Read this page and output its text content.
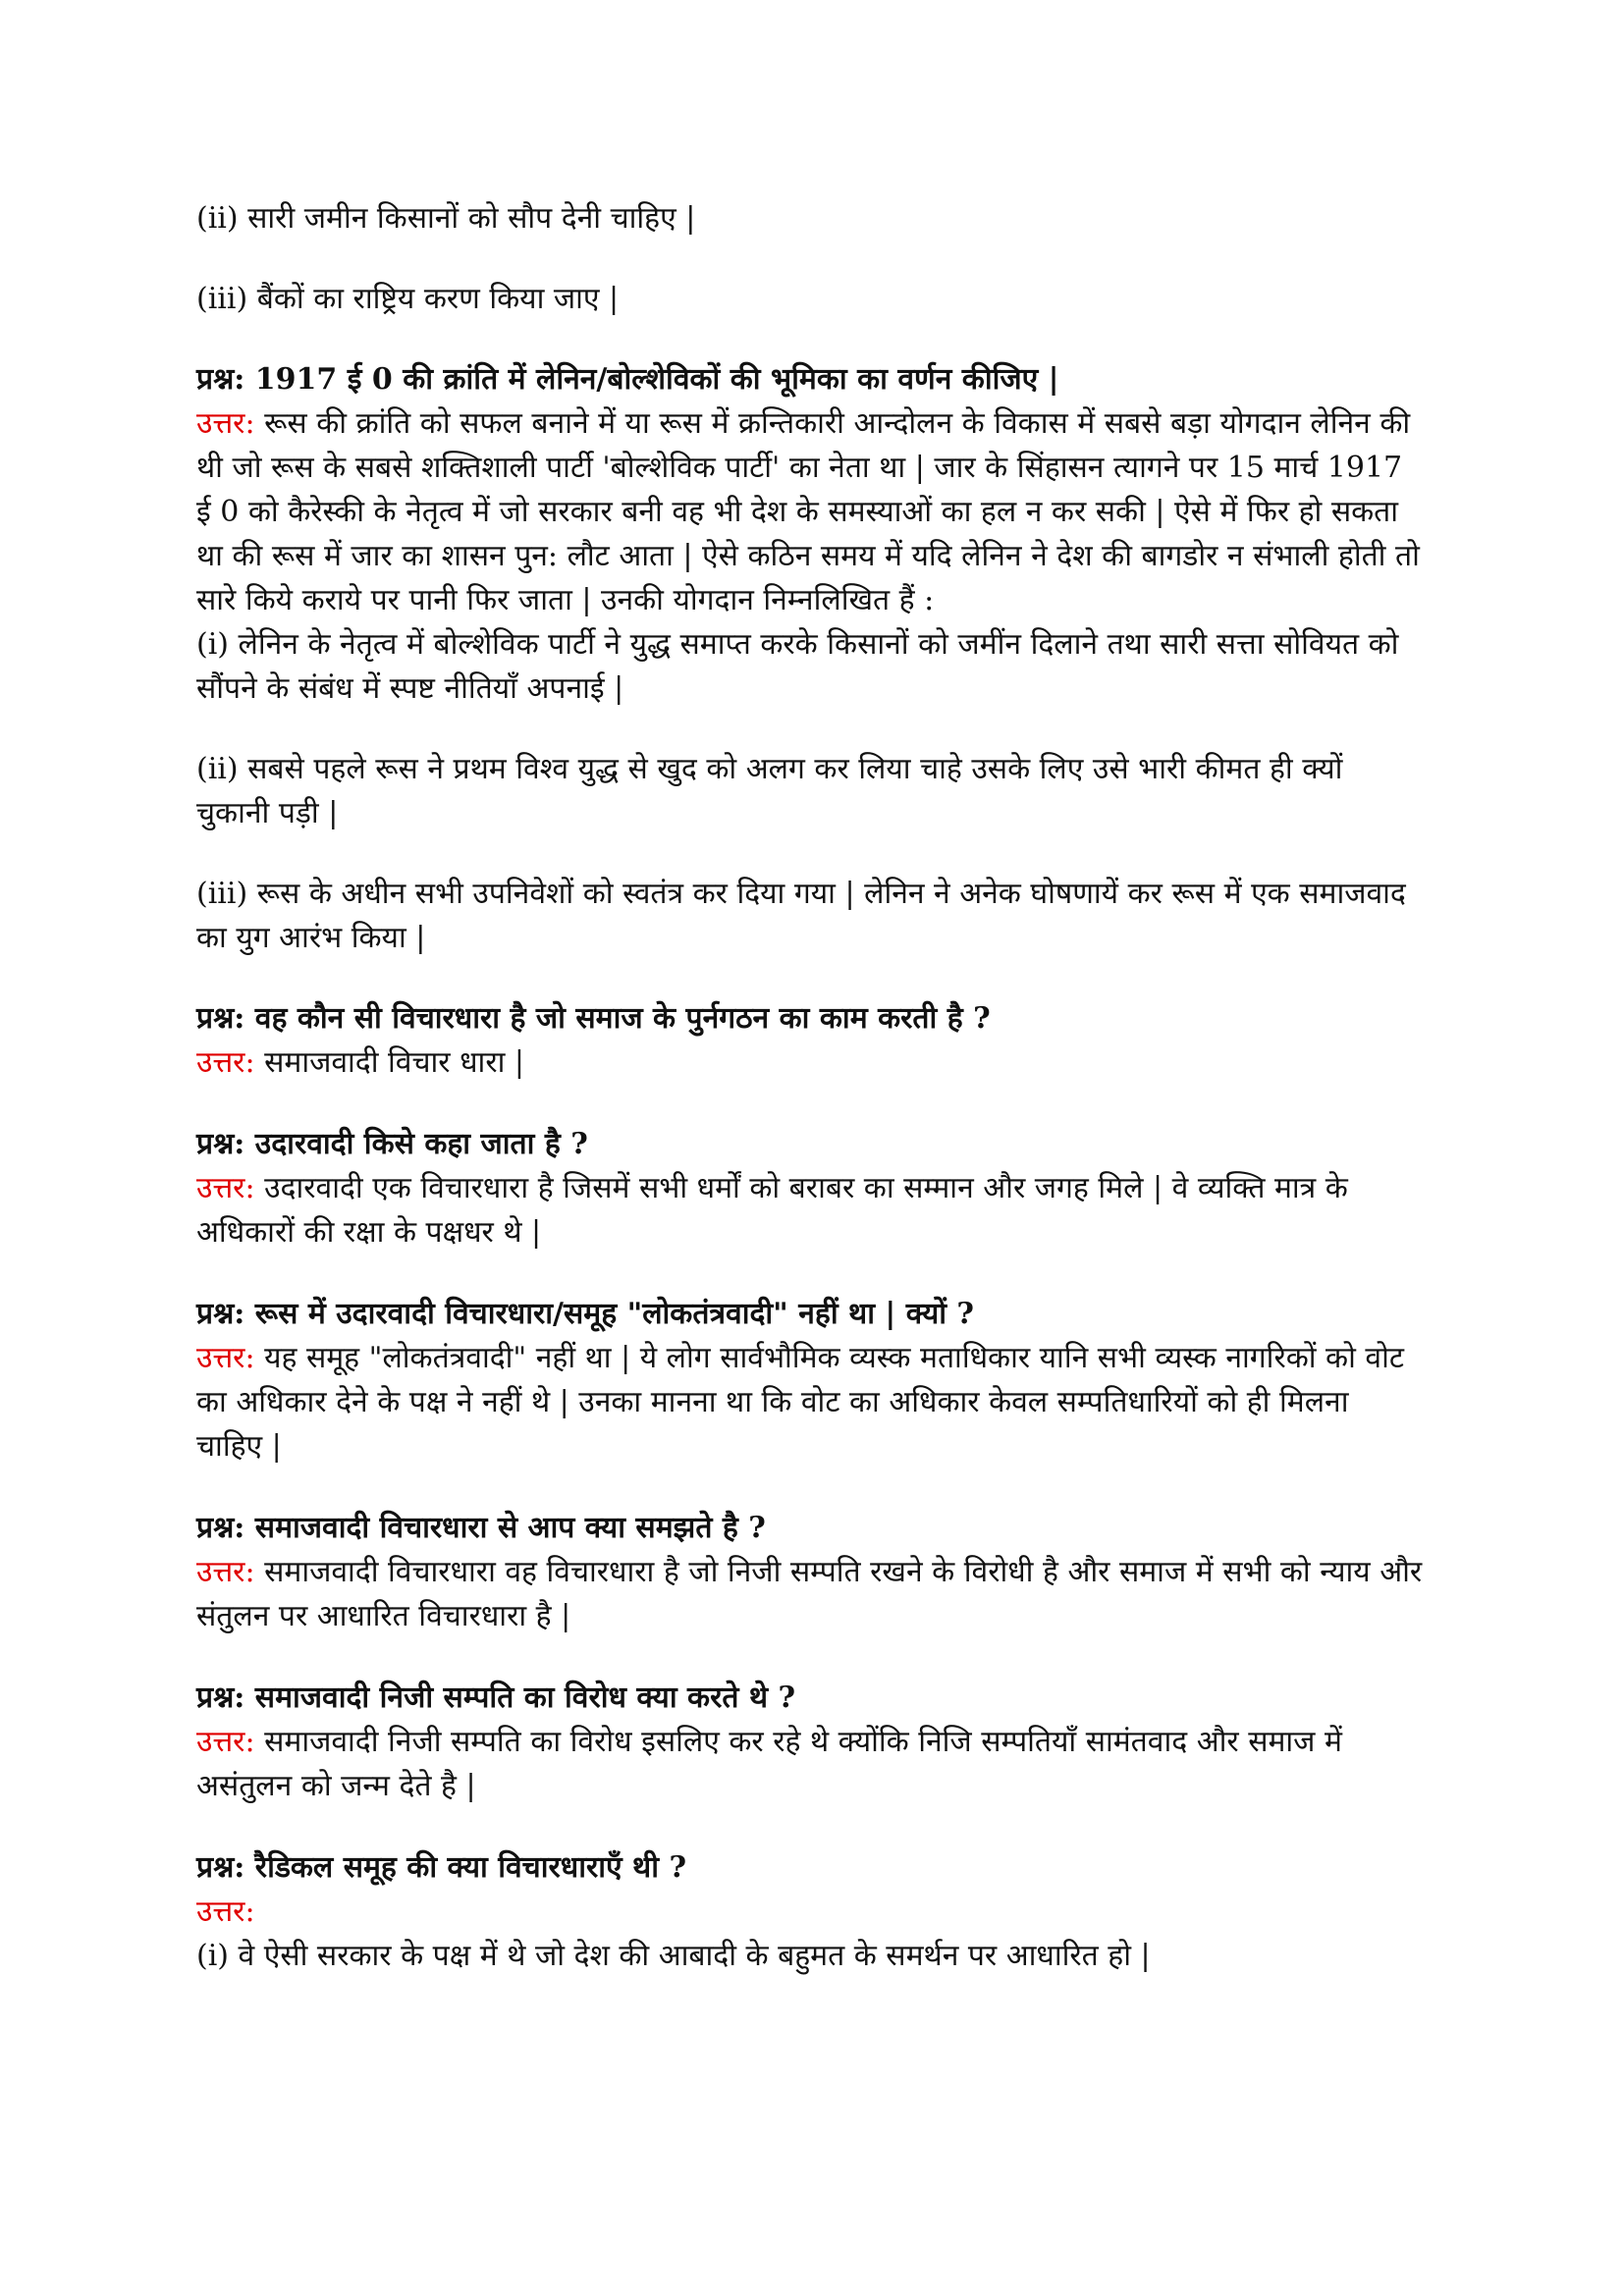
(ii) सारी जमीन किसानों को सौप देनी चाहिए |

(iii) बैंकों का राष्ट्रिय करण किया जाए |

प्रश्न: 1917 ई 0 की क्रांति में लेनिन/बोल्शेविकों की भूमिका का वर्णन कीजिए |

उत्तर: रूस की क्रांति को सफल बनाने में या रूस में क्रन्तिकारी आन्दोलन के विकास में सबसे बड़ा योगदान लेनिन की थी जो रूस के सबसे शक्तिशाली पार्टी 'बोल्शेविक पार्टी' का नेता था | जार के सिंहासन त्यागने पर 15 मार्च 1917 ई 0 को कैरेस्की के नेतृत्व में जो सरकार बनी वह भी देश के समस्याओं का हल न कर सकी | ऐसे में फिर हो सकता था की रूस में जार का शासन पुन: लौट आता | ऐसे कठिन समय में यदि लेनिन ने देश की बागडोर न संभाली होती तो सारे किये कराये पर पानी फिर जाता | उनकी योगदान निम्नलिखित हैं :

(i) लेनिन के नेतृत्व में बोल्शेविक पार्टी ने युद्ध समाप्त करके किसानों को जमींन दिलाने तथा सारी सत्ता सोवियत को सौंपने के संबंध में स्पष्ट नीतियाँ अपनाई |

(ii) सबसे पहले रूस ने प्रथम विश्व युद्ध से खुद को अलग कर लिया चाहे उसके लिए उसे भारी कीमत ही क्यों चुकानी पड़ी |

(iii) रूस के अधीन सभी उपनिवेशों को स्वतंत्र कर दिया गया | लेनिन ने अनेक घोषणायें कर रूस में एक समाजवाद का युग आरंभ किया |

प्रश्न: वह कौन सी विचारधारा है जो समाज के पुर्नगठन का काम करती है ?

उत्तर: समाजवादी विचार धारा |

प्रश्न: उदारवादी किसे कहा जाता है ?

उत्तर: उदारवादी एक विचारधारा है जिसमें सभी धर्मों को बराबर का सम्मान और जगह मिले | वे व्यक्ति मात्र के अधिकारों की रक्षा के पक्षधर थे |

प्रश्न: रूस में उदारवादी विचारधारा/समूह "लोकतंत्रवादी" नहीं था | क्यों ?

उत्तर: यह समूह "लोकतंत्रवादी" नहीं था | ये लोग सार्वभौमिक व्यस्क मताधिकार यानि सभी व्यस्क नागरिकों को वोट का अधिकार देने के पक्ष ने नहीं थे | उनका मानना था कि वोट का अधिकार केवल सम्पतिधारियों को ही मिलना चाहिए |

प्रश्न: समाजवादी विचारधारा से आप क्या समझते है ?

उत्तर: समाजवादी विचारधारा वह विचारधारा है जो निजी सम्पति रखने के विरोधी है और समाज में सभी को न्याय और संतुलन पर आधारित विचारधारा है |

प्रश्न: समाजवादी निजी सम्पति का विरोध क्या करते थे ?

उत्तर: समाजवादी निजी सम्पति का विरोध इसलिए कर रहे थे क्योंकि निजि सम्पतियाँ सामंतवाद और समाज में असंतुलन को जन्म देते है |

प्रश्न: रैडिकल समूह की क्या विचारधाराएँ थी ?

उत्तर:

(i) वे ऐसी सरकार के पक्ष में थे जो देश की आबादी के बहुमत के समर्थन पर आधारित हो |
